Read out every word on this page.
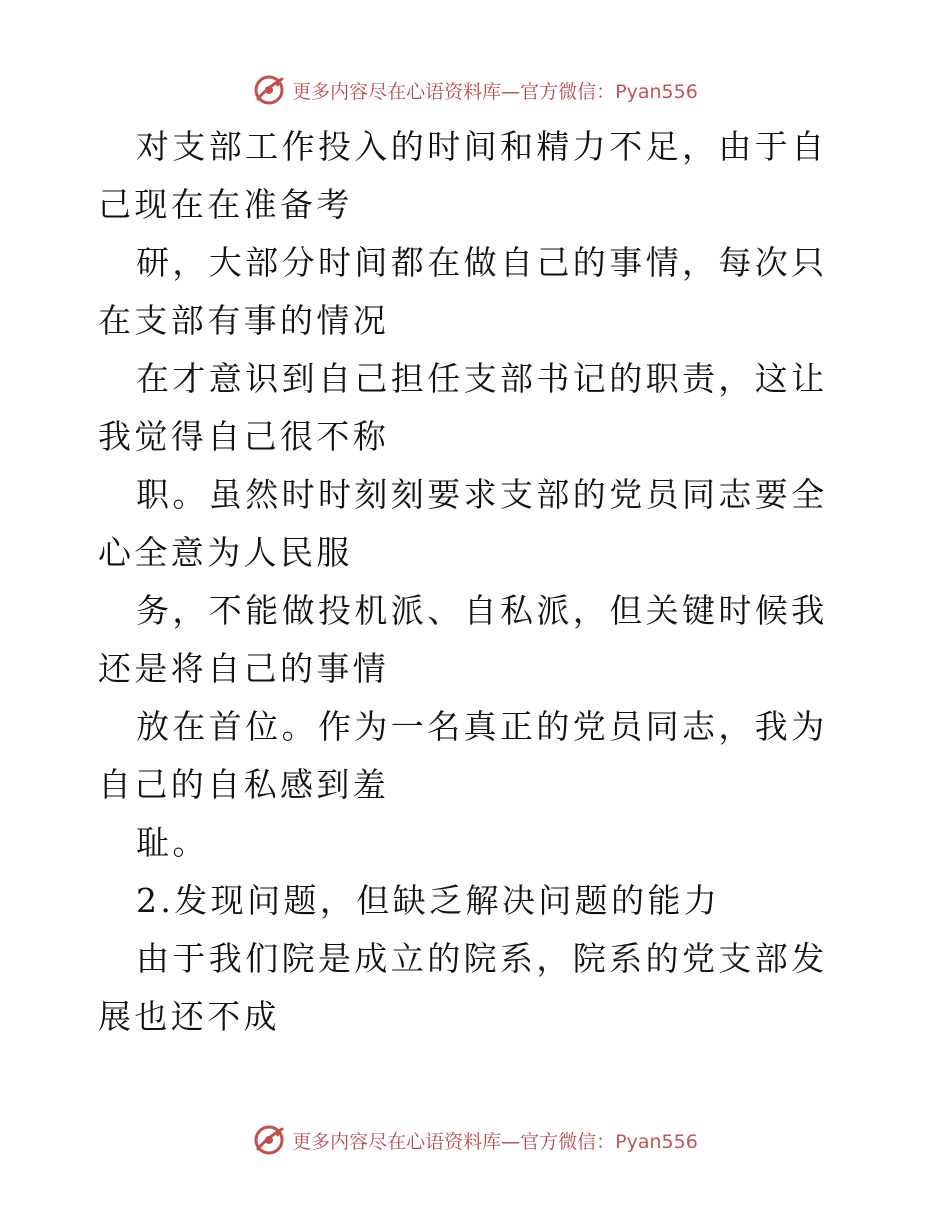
更多内容尽在心语资料库—官方微信：Pyan556

对支部工作投入的时间和精力不足，由于自己现在在准备考

研，大部分时间都在做自己的事情，每次只在支部有事的情况

在才意识到自己担任支部书记的职责，这让我觉得自己很不称

职。虽然时时刻刻要求支部的党员同志要全心全意为人民服

务，不能做投机派、自私派，但关键时候我还是将自己的事情

放在首位。作为一名真正的党员同志，我为自己的自私感到羞

耻。

2.发现问题，但缺乏解决问题的能力

由于我们院是成立的院系，院系的党支部发展也还不成

更多内容尽在心语资料库—官方微信：Pyan556
